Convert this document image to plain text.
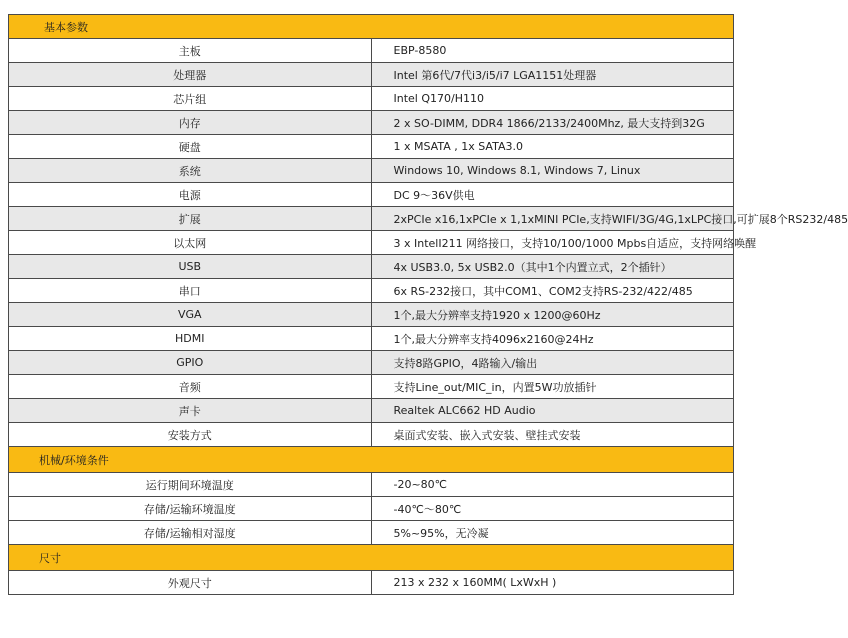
基本参数	
主板	EBP-8580
处理器	Intel 第6代/7代i3/i5/i7 LGA1151处理器
芯片组	Intel Q170/H110
内存	2 x SO-DIMM, DDR4 1866/2133/2400Mhz, 最大支持到32G
硬盘	1 x MSATA , 1x SATA3.0
系统	Windows 10, Windows 8.1, Windows 7, Linux
电源	DC 9～36V供电
扩展	2xPCIe x16,1xPCIe x 1,1xMINI PCIe,支持WIFI/3G/4G,1xLPC接口,可扩展8个RS232/485
以太网	3 x IntelI211 网络接口，支持10/100/1000 Mpbs自适应，支持网络唤醒
USB	4x USB3.0, 5x USB2.0（其中1个内置立式，2个插针）
串口	6x RS-232接口，其中COM1、COM2支持RS-232/422/485
VGA	1个,最大分辨率支持1920 x 1200@60Hz
HDMI	1个,最大分辨率支持4096x2160@24Hz
GPIO	支持8路GPIO，4路输入/输出
音频	支持Line_out/MIC_in，内置5W功放插针
声卡	Realtek ALC662 HD Audio
安装方式	桌面式安装、嵌入式安装、壁挂式安装
机械/环境条件	
运行期间环境温度	-20~80℃
存储/运输环境温度	-40℃～80℃
存储/运输相对湿度	5%~95%，无冷凝
尺寸	
外观尺寸	213 x 232 x 160MM( LxWxH )
